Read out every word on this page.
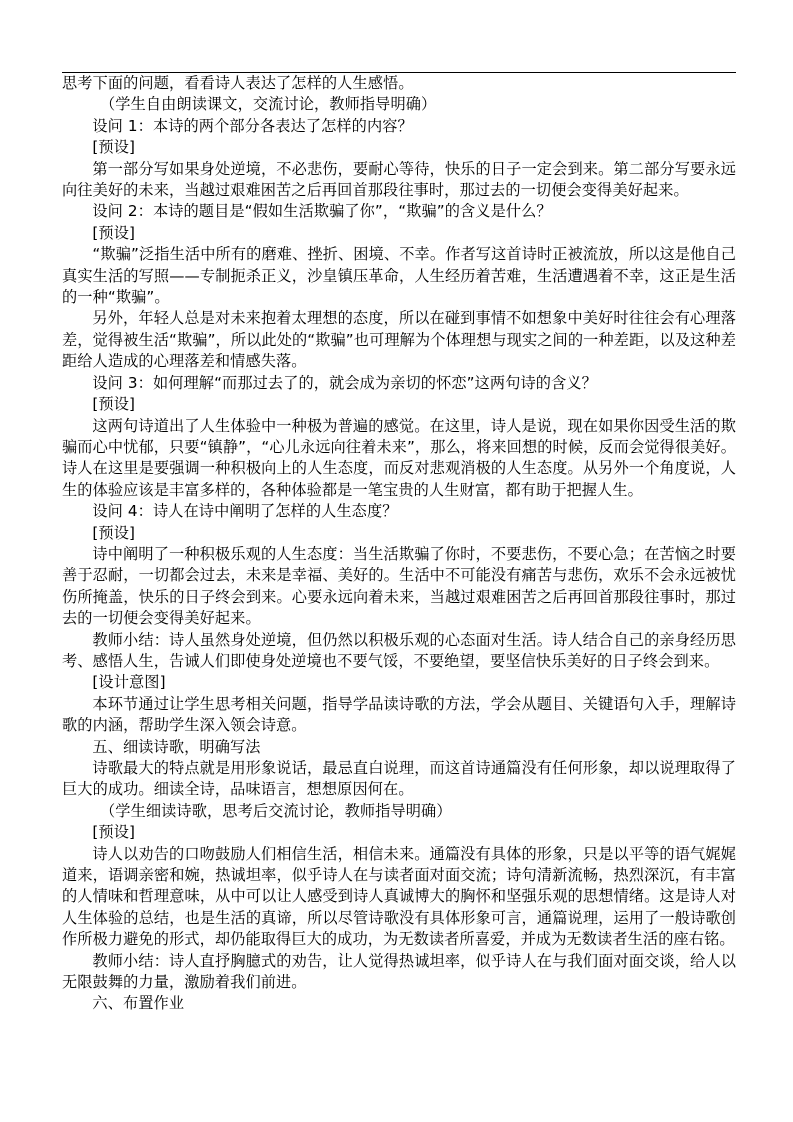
思考下面的问题，看看诗人表达了怎样的人生感悟。

（学生自由朗读课文，交流讨论，教师指导明确）

设问 1：本诗的两个部分各表达了怎样的内容？

[预设]

第一部分写如果身处逆境，不必悲伤，要耐心等待，快乐的日子一定会到来。第二部分写要永远向往美好的未来，当越过艰难困苦之后再回首那段往事时，那过去的一切便会变得美好起来。

设问 2：本诗的题目是“假如生活欺骗了你”，“欺骗”的含义是什么？

[预设]

“欺骗”泛指生活中所有的磨难、挫折、困境、不幸。作者写这首诗时正被流放，所以这是他自己真实生活的写照——专制扼杀正义，沙皇镇压革命，人生经历着苦难，生活遭遇着不幸，这正是生活的一种“欺骗”。

另外，年轻人总是对未来抱着太理想的态度，所以在碰到事情不如想象中美好时往往会有心理落差，觉得被生活“欺骗”，所以此处的“欺骗”也可理解为个体理想与现实之间的一种差距，以及这种差距给人造成的心理落差和情感失落。

设问 3：如何理解“而那过去了的，就会成为亲切的怀恋”这两句诗的含义？

[预设]

这两句诗道出了人生体验中一种极为普遍的感觉。在这里，诗人是说，现在如果你因受生活的欺骗而心中忧郁，只要“镇静”，“心儿永远向往着未来”，那么，将来回想的时候，反而会觉得很美好。诗人在这里是要强调一种积极向上的人生态度，而反对悲观消极的人生态度。从另外一个角度说，人生的体验应该是丰富多样的，各种体验都是一笔宝贵的人生财富，都有助于把握人生。

设问 4：诗人在诗中阐明了怎样的人生态度？

[预设]

诗中阐明了一种积极乐观的人生态度：当生活欺骗了你时，不要悲伤，不要心急；在苦恼之时要善于忍耐，一切都会过去，未来是幸福、美好的。生活中不可能没有痛苦与悲伤，欢乐不会永远被忧伤所掩盖，快乐的日子终会到来。心要永远向着未来，当越过艰难困苦之后再回首那段往事时，那过去的一切便会变得美好起来。

教师小结：诗人虽然身处逆境，但仍然以积极乐观的心态面对生活。诗人结合自己的亲身经历思考、感悟人生，告诫人们即使身处逆境也不要气馁，不要绝望，要坚信快乐美好的日子终会到来。

[设计意图]

本环节通过让学生思考相关问题，指导学品读诗歌的方法，学会从题目、关键语句入手，理解诗歌的内涵，帮助学生深入领会诗意。

五、细读诗歌，明确写法

诗歌最大的特点就是用形象说话，最忌直白说理，而这首诗通篇没有任何形象，却以说理取得了巨大的成功。细读全诗，品味语言，想想原因何在。

（学生细读诗歌，思考后交流讨论，教师指导明确）

[预设]

诗人以劝告的口吻鼓励人们相信生活，相信未来。通篇没有具体的形象，只是以平等的语气娓娓道来，语调亲密和婉，热诚坦率，似乎诗人在与读者面对面交流；诗句清新流畅，热烈深沉，有丰富的人情味和哲理意味，从中可以让人感受到诗人真诚博大的胸怀和坚强乐观的思想情绪。这是诗人对人生体验的总结，也是生活的真谛，所以尽管诗歌没有具体形象可言，通篇说理，运用了一般诗歌创作所极力避免的形式，却仍能取得巨大的成功，为无数读者所喜爱，并成为无数读者生活的座右铭。

教师小结：诗人直抒胸臆式的劝告，让人觉得热诚坦率，似乎诗人在与我们面对面交谈，给人以无限鼓舞的力量，激励着我们前进。

六、布置作业
